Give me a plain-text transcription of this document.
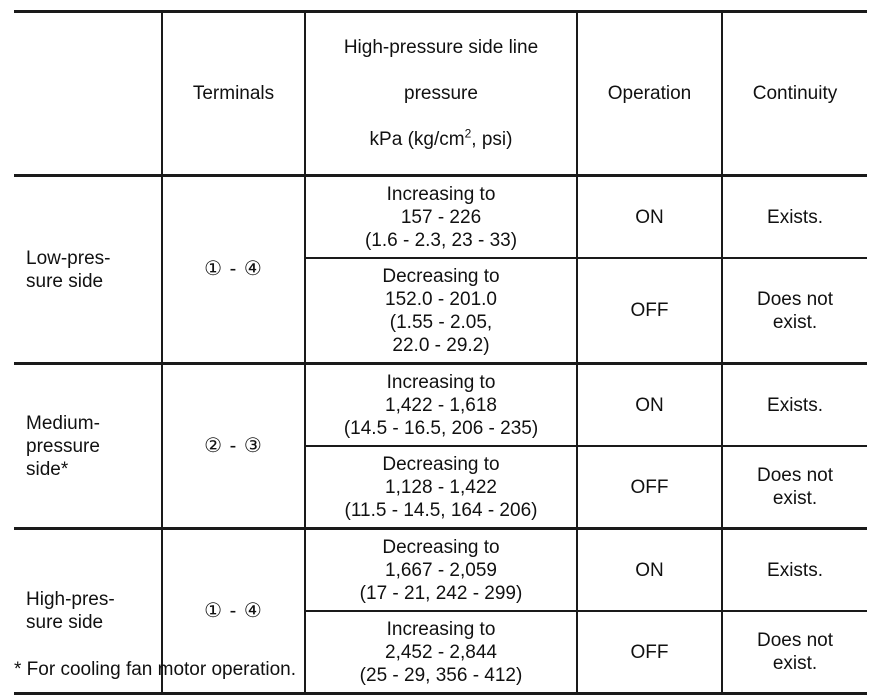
	Terminals	High-pressure side line

pressure

kPa ($kg/cm^2$, psi)	Operation	Continuity
Low-pres-
sure side	① - ④	Increasing to
157 - 226
(1.6 - 2.3, 23 - 33)	ON	Exists.
		Decreasing to
152.0 - 201.0
(1.55 - 2.05,
22.0 - 29.2)	OFF	Does not
exist.
Medium-
pressure
side*	② - ③	Increasing to
1,422 - 1,618
(14.5 - 16.5, 206 - 235)	ON	Exists.
		Decreasing to
1,128 - 1,422
(11.5 - 14.5, 164 - 206)	OFF	Does not
exist.
High-pres-
sure side	① - ④	Decreasing to
1,667 - 2,059
(17 - 21, 242 - 299)	ON	Exists.
		Increasing to
2,452 - 2,844
(25 - 29, 356 - 412)	OFF	Does not
exist.
* For cooling fan motor operation.
